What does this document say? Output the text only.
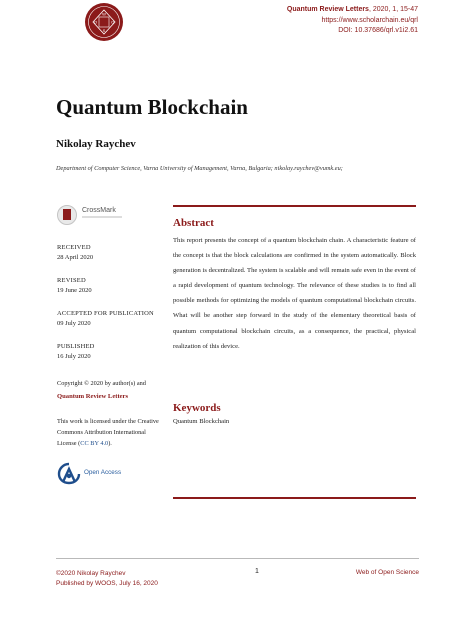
W
O
O
S
Quantum Review Letters, 2020, 1, 15-47
https://www.scholarchain.eu/qrl
DOI: 10.37686/qrl.v1i2.61
Quantum Blockchain
Nikolay Raychev
Department of Computer Science, Varna University of Management, Varna, Bulgaria; nikolay.raychev@vumk.eu;
CrossMark
RECEIVED
28 April 2020
REVISED
19 June 2020
ACCEPTED FOR PUBLICATION
09 July 2020
PUBLISHED
16 July 2020
Copyright © 2020 by author(s) and
Quantum Review Letters
This work is licensed under the Creative Commons Attribution International License (CC BY 4.0).
Open Access
Abstract
This report presents the concept of a quantum blockchain chain. A characteristic feature of the concept is that the block calculations are confirmed in the system automatically. Block generation is decentralized. The system is scalable and will remain safe even in the event of a rapid development of quantum technology. The relevance of these studies is to find all possible methods for optimizing the models of quantum computational blockchain circuits. What will be another step forward in the study of the elementary theoretical basis of quantum computational blockchain circuits, as a consequence, the practical, physical realization of this device.
Keywords
Quantum Blockchain
©2020 Nikolay Raychev
Published by WOOS, July 16, 2020
1	Web of Open Science
